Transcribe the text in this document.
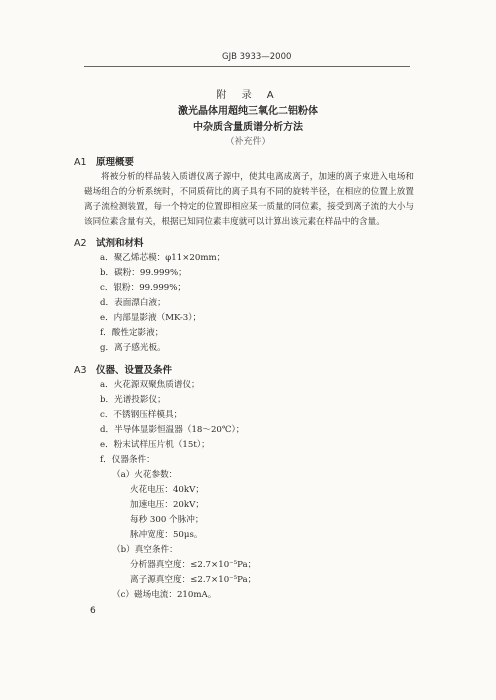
GJB 3933—2000
附 录 A
激光晶体用超纯三氧化二铝粉体
中杂质含量质谱分析方法
（补充件）
A1 原理概要
将被分析的样品装入质谱仪离子源中，使其电离成离子，加速的离子束进入电场和磁场组合的分析系统时，不同质荷比的离子具有不同的旋转半径，在相应的位置上放置离子流检测装置，每一个特定的位置即相应某一质量的同位素，接受到离子流的大小与该同位素含量有关，根据已知同位素丰度就可以计算出该元素在样品中的含量。
A2 试剂和材料
a．聚乙烯芯模：φ11×20mm；
b．碳粉：99.999%；
c．银粉：99.999%；
d．表面漂白液；
e．内部显影液（MK-3）；
f．酸性定影液；
g．离子感光板。
A3 仪器、设置及条件
a．火花源双聚焦质谱仪；
b．光谱投影仪；
c．不锈钢压样模具；
d．半导体显影恒温器（18～20℃）；
e．粉末试样压片机（15t）；
f．仪器条件：
（a）火花参数：
火花电压：40kV；
加速电压：20kV；
每秒 300 个脉冲；
脉冲宽度：50μs。
（b）真空条件：
分析器真空度：≤2.7×10⁻⁵Pa；
离子源真空度：≤2.7×10⁻⁵Pa；
（c）磁场电流：210mA。
6
